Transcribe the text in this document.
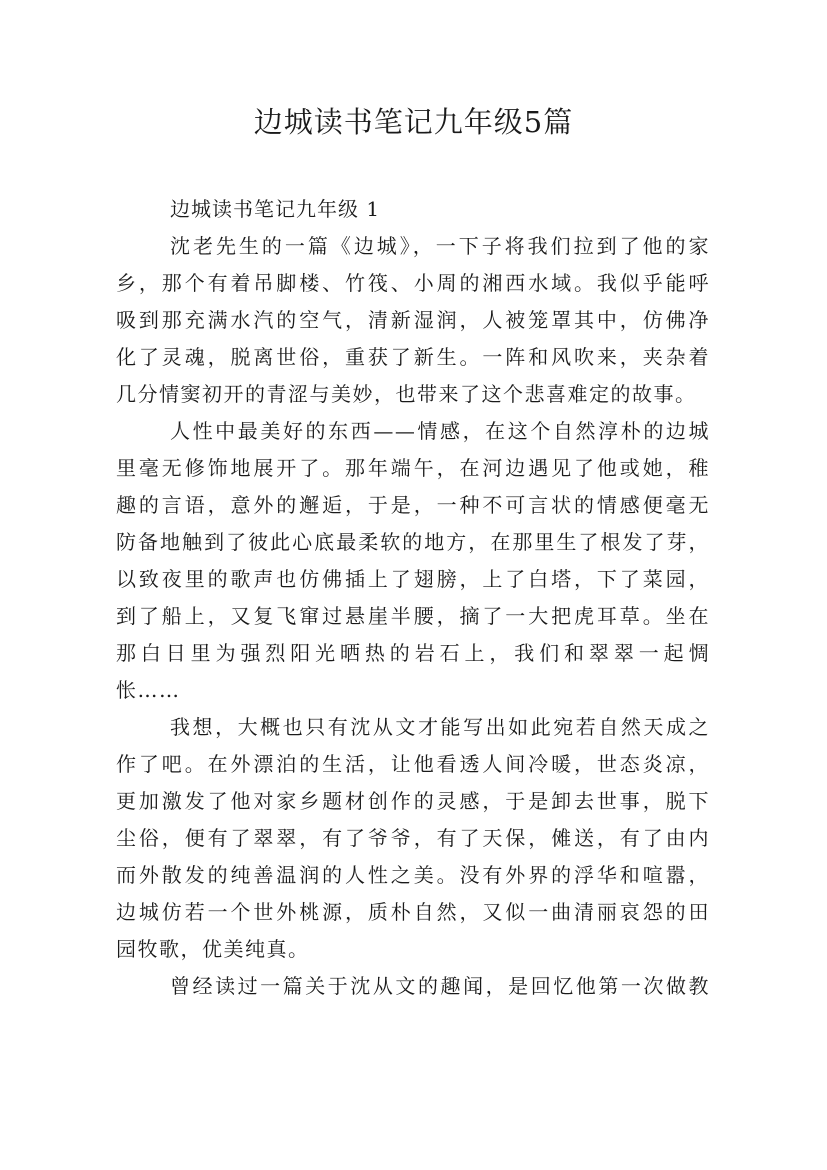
边城读书笔记九年级5篇

边城读书笔记九年级 1

沈老先生的一篇《边城》，一下子将我们拉到了他的家
乡，那个有着吊脚楼、竹筏、小周的湘西水域。我似乎能呼
吸到那充满水汽的空气，清新湿润，人被笼罩其中，仿佛净
化了灵魂，脱离世俗，重获了新生。一阵和风吹来，夹杂着
几分情窦初开的青涩与美妙，也带来了这个悲喜难定的故事。

人性中最美好的东西——情感，在这个自然淳朴的边城
里毫无修饰地展开了。那年端午，在河边遇见了他或她，稚
趣的言语，意外的邂逅，于是，一种不可言状的情感便毫无
防备地触到了彼此心底最柔软的地方，在那里生了根发了芽，
以致夜里的歌声也仿佛插上了翅膀，上了白塔，下了菜园，
到了船上，又复飞窜过悬崖半腰，摘了一大把虎耳草。坐在
那白日里为强烈阳光晒热的岩石上，我们和翠翠一起惆
怅……

我想，大概也只有沈从文才能写出如此宛若自然天成之
作了吧。在外漂泊的生活，让他看透人间冷暖，世态炎凉，
更加激发了他对家乡题材创作的灵感，于是卸去世事，脱下
尘俗，便有了翠翠，有了爷爷，有了天保，傩送，有了由内
而外散发的纯善温润的人性之美。没有外界的浮华和喧嚣，
边城仿若一个世外桃源，质朴自然，又似一曲清丽哀怨的田
园牧歌，优美纯真。

曾经读过一篇关于沈从文的趣闻，是回忆他第一次做教
